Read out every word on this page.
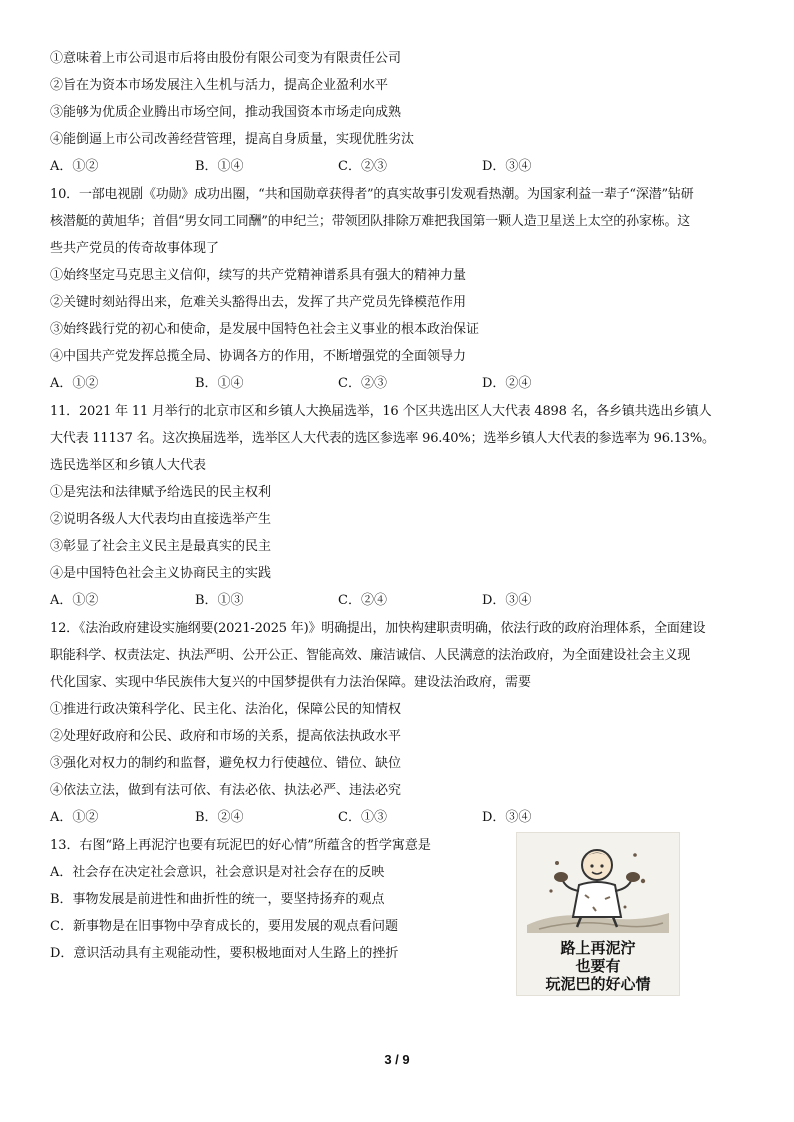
①意味着上市公司退市后将由股份有限公司变为有限责任公司
②旨在为资本市场发展注入生机与活力，提高企业盈利水平
③能够为优质企业腾出市场空间，推动我国资本市场走向成熟
④能倒逼上市公司改善经营管理，提高自身质量，实现优胜劣汰
A．①②	B．①④	C．②③	D．③④
10．一部电视剧《功勋》成功出圈，“共和国勋章获得者”的真实故事引发观看热潮。为国家利益一辈子“深潜”钻研
核潜艇的黄旭华；首倡“男女同工同酬”的申纪兰；带领团队排除万难把我国第一颗人造卫星送上太空的孙家栋。这
些共产党员的传奇故事体现了
①始终坚定马克思主义信仰，续写的共产党精神谱系具有强大的精神力量
②关键时刻站得出来，危难关头豁得出去，发挥了共产党员先锋模范作用
③始终践行党的初心和使命，是发展中国特色社会主义事业的根本政治保证
④中国共产党发挥总揽全局、协调各方的作用，不断增强党的全面领导力
A．①②	B．①④	C．②③	D．②④
11．2021 年 11 月举行的北京市区和乡镇人大换届选举，16 个区共选出区人大代表 4898 名，各乡镇共选出乡镇人
大代表 11137 名。这次换届选举，选举区人大代表的选区参选率 96.40%；选举乡镇人大代表的参选率为 96.13%。
选民选举区和乡镇人大代表
①是宪法和法律赋予给选民的民主权利
②说明各级人大代表均由直接选举产生
③彰显了社会主义民主是最真实的民主
④是中国特色社会主义协商民主的实践
A．①②	B．①③	C．②④	D．③④
12．《法治政府建设实施纲要(2021-2025 年)》明确提出，加快构建职责明确，依法行政的政府治理体系，全面建设
职能科学、权责法定、执法严明、公开公正、智能高效、廉洁诚信、人民满意的法治政府，为全面建设社会主义现
代化国家、实现中华民族伟大复兴的中国梦提供有力法治保障。建设法治政府，需要
①推进行政决策科学化、民主化、法治化，保障公民的知情权
②处理好政府和公民、政府和市场的关系，提高依法执政水平
③强化对权力的制约和监督，避免权力行使越位、错位、缺位
④依法立法，做到有法可依、有法必依、执法必严、违法必究
A．①②	B．②④	C．①③	D．③④
13．右图“路上再泥泞也要有玩泥巴的好心情”所蕴含的哲学寓意是
A．社会存在决定社会意识，社会意识是对社会存在的反映
B．事物发展是前进性和曲折性的统一，要坚持扬弃的观点
C．新事物是在旧事物中孕育成长的，要用发展的观点看问题
D．意识活动具有主观能动性，要积极地面对人生路上的挫折	路上再泥泞
也要有
玩泥巴的好心情
3 / 9
